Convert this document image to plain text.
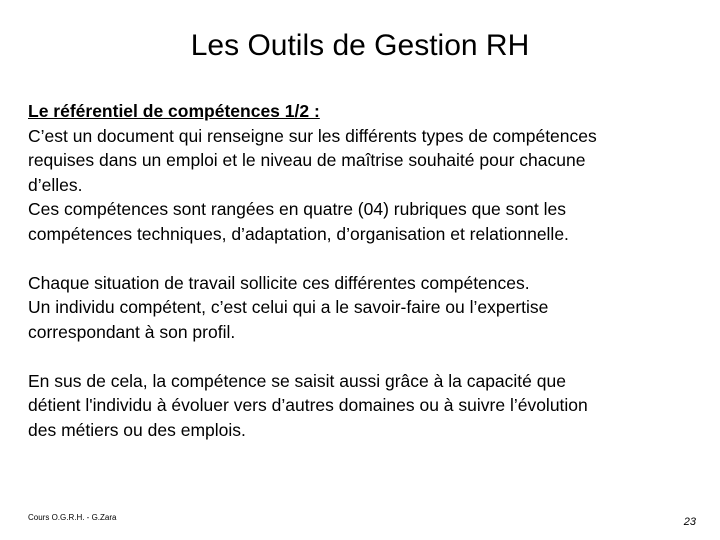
Les Outils de Gestion RH

Le référentiel de compétences 1/2 :

C’est un document qui renseigne sur les différents types de compétences

requises dans un emploi et le niveau de maîtrise souhaité pour chacune

d’elles.

Ces compétences sont rangées en quatre (04) rubriques que sont les

compétences techniques, d’adaptation, d’organisation et relationnelle.

Chaque situation de travail sollicite ces différentes compétences.

Un individu compétent, c’est celui qui a le savoir-faire ou l’expertise

correspondant à son profil.

En sus de cela, la compétence se saisit aussi grâce à la capacité que

détient l'individu à évoluer vers d’autres domaines ou à suivre l’évolution

des métiers ou des emplois.

Cours O.G.R.H. - G.Zara	23
